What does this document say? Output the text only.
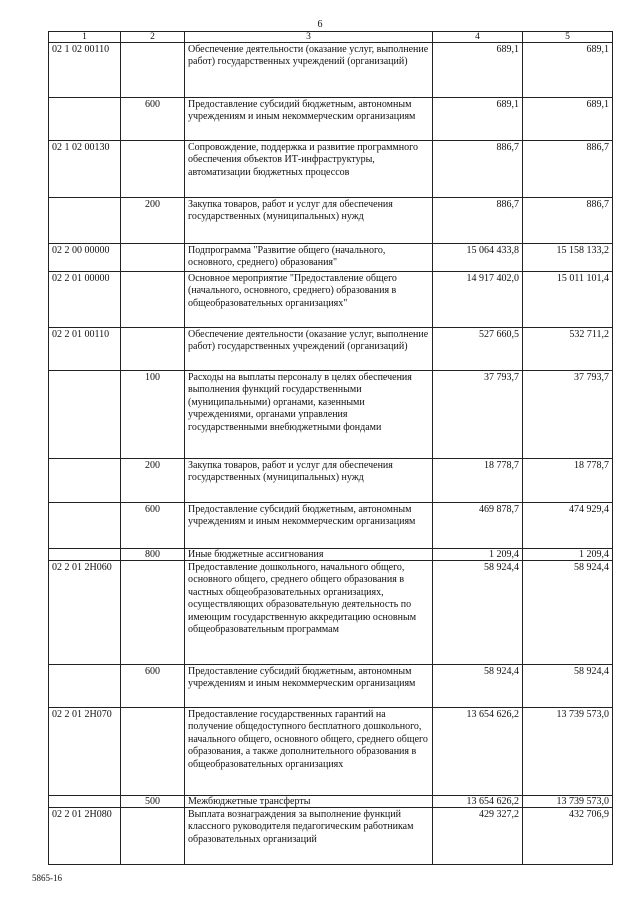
6
1	2	3	4	5
02 1 02 00110		Обеспечение деятельности (оказание услуг, выполнение работ) государственных учреждений (организаций)	689,1	689,1
	600	Предоставление субсидий бюджетным, автономным учреждениям и иным некоммерческим организациям	689,1	689,1
02 1 02 00130		Сопровождение, поддержка и развитие программного обеспечения объектов ИТ-инфраструктуры, автоматизации бюджетных процессов	886,7	886,7
	200	Закупка товаров, работ и услуг для обеспечения государственных (муниципальных) нужд	886,7	886,7
02 2 00 00000		Подпрограмма "Развитие общего (начального, основного, среднего) образования"	15 064 433,8	15 158 133,2
02 2 01 00000		Основное мероприятие "Предоставление общего (начального, основного, среднего) образования в общеобразовательных организациях"	14 917 402,0	15 011 101,4
02 2 01 00110		Обеспечение деятельности (оказание услуг, выполнение работ) государственных учреждений (организаций)	527 660,5	532 711,2
	100	Расходы на выплаты персоналу в целях обеспечения выполнения функций государственными (муниципальными) органами, казенными учреждениями, органами управления государственными внебюджетными фондами	37 793,7	37 793,7
	200	Закупка товаров, работ и услуг для обеспечения государственных (муниципальных) нужд	18 778,7	18 778,7
	600	Предоставление субсидий бюджетным, автономным учреждениям и иным некоммерческим организациям	469 878,7	474 929,4
	800	Иные бюджетные ассигнования	1 209,4	1 209,4
02 2 01 2Н060		Предоставление дошкольного, начального общего, основного общего, среднего общего образования в частных общеобразовательных организациях, осуществляющих образовательную деятельность по имеющим государственную аккредитацию основным общеобразовательным программам	58 924,4	58 924,4
	600	Предоставление субсидий бюджетным, автономным учреждениям и иным некоммерческим организациям	58 924,4	58 924,4
02 2 01 2Н070		Предоставление государственных гарантий на получение общедоступного бесплатного дошкольного, начального общего, основного общего, среднего общего образования, а также дополнительного образования в общеобразовательных организациях	13 654 626,2	13 739 573,0
	500	Межбюджетные трансферты	13 654 626,2	13 739 573,0
02 2 01 2Н080		Выплата вознаграждения за выполнение функций классного руководителя педагогическим работникам образовательных организаций	429 327,2	432 706,9
5865-16
